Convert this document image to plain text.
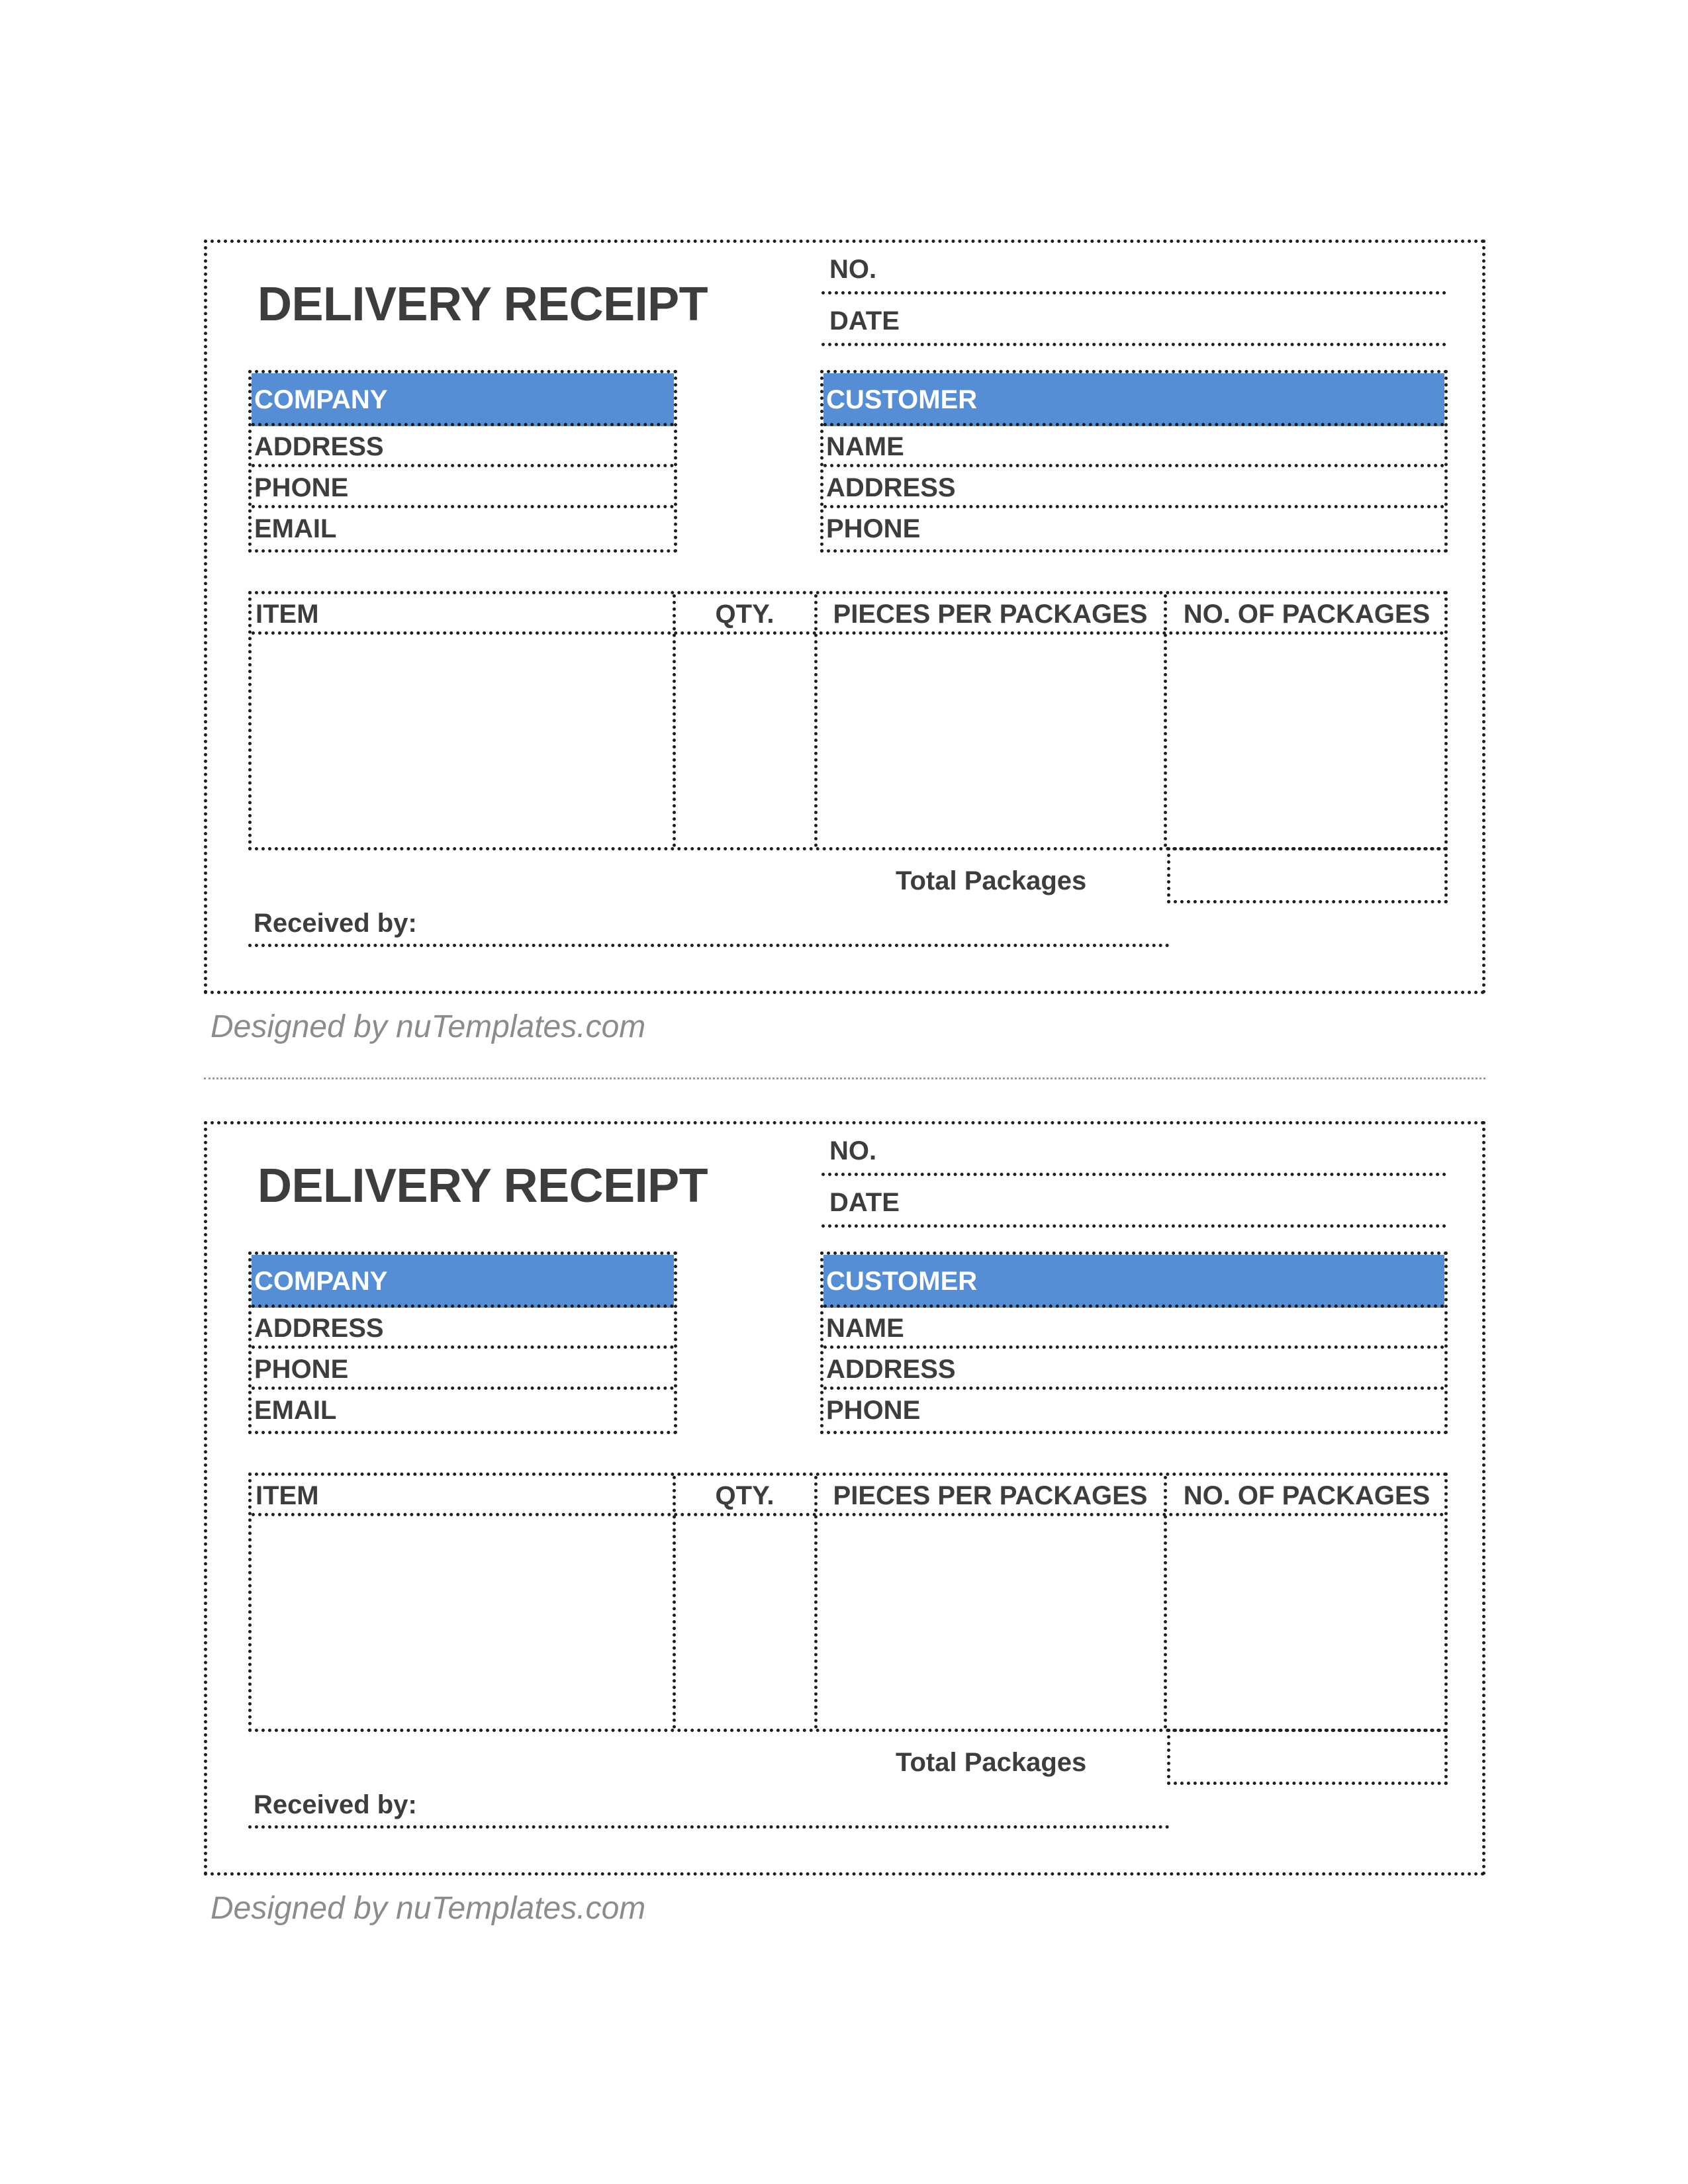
DELIVERY RECEIPT
NO.
DATE
COMPANY
ADDRESS
PHONE
EMAIL
CUSTOMER
NAME
ADDRESS
PHONE
ITEM	QTY.	PIECES PER PACKAGES	NO. OF PACKAGES
Total Packages
Received by:
Designed by nuTemplates.com
DELIVERY RECEIPT
NO.
DATE
COMPANY
ADDRESS
PHONE
EMAIL
CUSTOMER
NAME
ADDRESS
PHONE
ITEM	QTY.	PIECES PER PACKAGES	NO. OF PACKAGES
Total Packages
Received by:
Designed by nuTemplates.com
